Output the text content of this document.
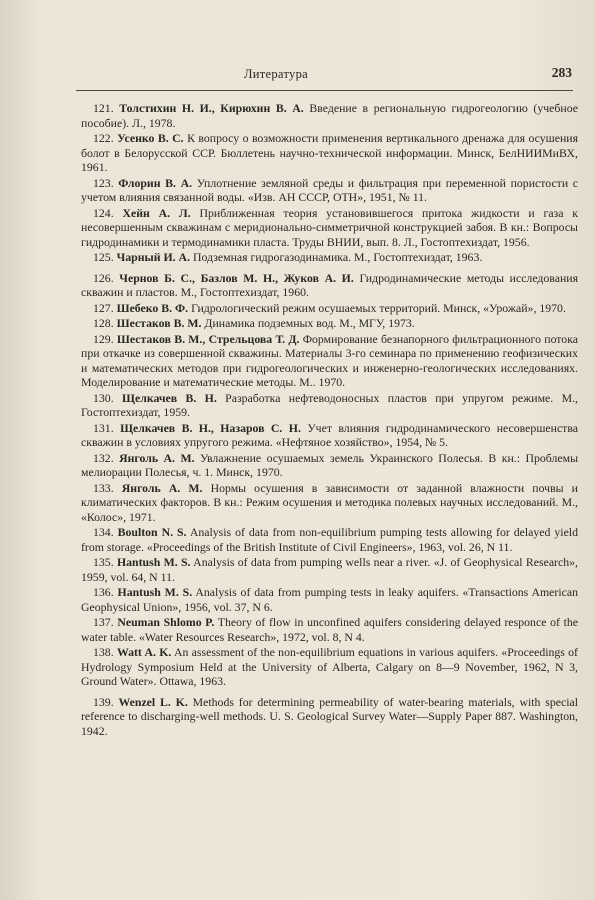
Литература	283

121. Толстихин Н. И., Кирюхин В. А. Введение в региональную гидрогеологию (учебное пособие). Л., 1978.

122. Усенко В. С. К вопросу о возможности применения вертикального дренажа для осушения болот в Белорусской ССР. Бюллетень научно-технической информации. Минск, БелНИИМиВХ, 1961.

123. Флорин В. А. Уплотнение земляной среды и фильтрация при переменной пористости с учетом влияния связанной воды. «Изв. АН СССР, ОТН», 1951, № 11.

124. Хейн А. Л. Приближенная теория установившегося притока жидкости и газа к несовершенным скважинам с меридионально-симметричной конструкцией забоя. В кн.: Вопросы гидродинамики и термодинамики пласта. Труды ВНИИ, вып. 8. Л., Гостоптехиздат, 1956.

125. Чарный И. А. Подземная гидрогазодинамика. М., Гостоптехиздат, 1963.

126. Чернов Б. С., Базлов М. Н., Жуков А. И. Гидродинамические методы исследования скважин и пластов. М., Гостоптехиздат, 1960.

127. Шебеко В. Ф. Гидрологический режим осушаемых территорий. Минск, «Урожай», 1970.

128. Шестаков В. М. Динамика подземных вод. М., МГУ, 1973.

129. Шестаков В. М., Стрельцова Т. Д. Формирование безнапорного фильтрационного потока при откачке из совершенной скважины. Материалы 3-го семинара по применению геофизических и математических методов при гидрогеологических и инженерно-геологических исследованиях. Моделирование и математические методы. М.. 1970.

130. Щелкачев В. Н. Разработка нефтеводоносных пластов при упругом режиме. М., Гостоптехиздат, 1959.

131. Щелкачев В. Н., Назаров С. Н. Учет влияния гидродинамического несовершенства скважин в условиях упругого режима. «Нефтяное хозяйство», 1954, № 5.

132. Янголь А. М. Увлажнение осушаемых земель Украинского Полесья. В кн.: Проблемы мелиорации Полесья, ч. 1. Минск, 1970.

133. Янголь А. М. Нормы осушения в зависимости от заданной влажности почвы и климатических факторов. В кн.: Режим осушения и методика полевых научных исследований. М., «Колос», 1971.

134. Boulton N. S. Analysis of data from non-equilibrium pumping tests allowing for delayed yield from storage. «Proceedings of the British Institute of Civil Engineers», 1963, vol. 26, N 11.

135. Hantush M. S. Analysis of data from pumping wells near a river. «J. of Geophysical Research», 1959, vol. 64, N 11.

136. Hantush M. S. Analysis of data from pumping tests in leaky aquifers. «Transactions American Geophysical Union», 1956, vol. 37, N 6.

137. Neuman Shlomo P. Theory of flow in unconfined aquifers considering delayed responce of the water table. «Water Resources Research», 1972, vol. 8, N 4.

138. Watt A. K. An assessment of the non-equilibrium equations in various aquifers. «Proceedings of Hydrology Symposium Held at the University of Alberta, Calgary on 8—9 November, 1962, N 3, Ground Water». Ottawa, 1963.

139. Wenzel L. K. Methods for determining permeability of water-bearing materials, with special reference to discharging-well methods. U. S. Geological Survey Water—Supply Paper 887. Washington, 1942.
